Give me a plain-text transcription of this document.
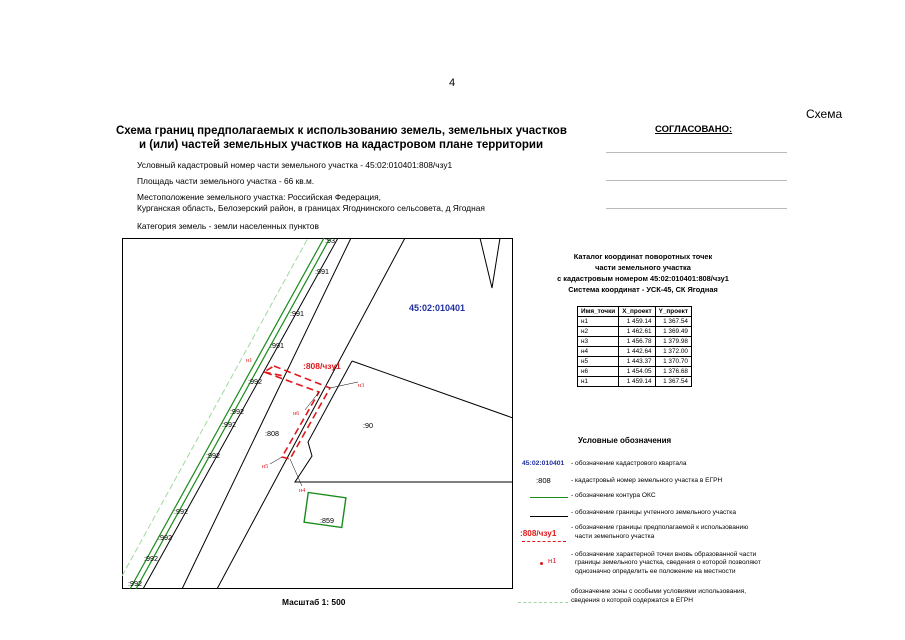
4
Схема
Схема границ предполагаемых к использованию земель, земельных участков
и (или) частей земельных участков на кадастровом плане территории
СОГЛАСОВАНО:
Условный кадастровый номер части земельного участка - 45:02:010401:808/чзу1
Площадь части земельного участка - 66 кв.м.
Местоположение земельного участка: Российская Федерация,
Курганская область, Белозерский район, в границах Ягоднинского сельсовета, д Ягодная
Категория земель - земли населенных пунктов
:93
:991
:991
:991
:992
:992
:992
:992
:992
:992
:992
:992
:808
:90
:859
45:02:010401
:808/чзу1
н1
н3
н4
н5
н6
Масштаб 1: 500
Каталог координат поворотных точек
части земельного участка
с кадастровым номером 45:02:010401:808/чзу1
Система координат - УСК-45, СК Ягодная
Имя_точки	X_проект	Y_проект
н1	1 459.14	1 367.54
н2	1 462.61	1 369.49
н3	1 456.78	1 379.98
н4	1 442.64	1 372.00
н5	1 443.37	1 370.70
н6	1 454.05	1 376.68
н1	1 459.14	1 367.54
Условные обозначения
45:02:010401 - обозначение кадастрового квартала
:808	- кадастровый номер земельного участка в ЕГРН
- обозначение контура ОКС
- обозначение границы учтенного земельного участка
:808/чзу1
- обозначение границы предполагаемой к использованию
части земельного участка
н1
- обозначение характерной точки вновь образованной части
границы земельного участка, сведения о которой позволяют
однозначно определить ее положение на местности
обозначение зоны с особыми условиями использования,
сведения о которой содержатся в ЕГРН
